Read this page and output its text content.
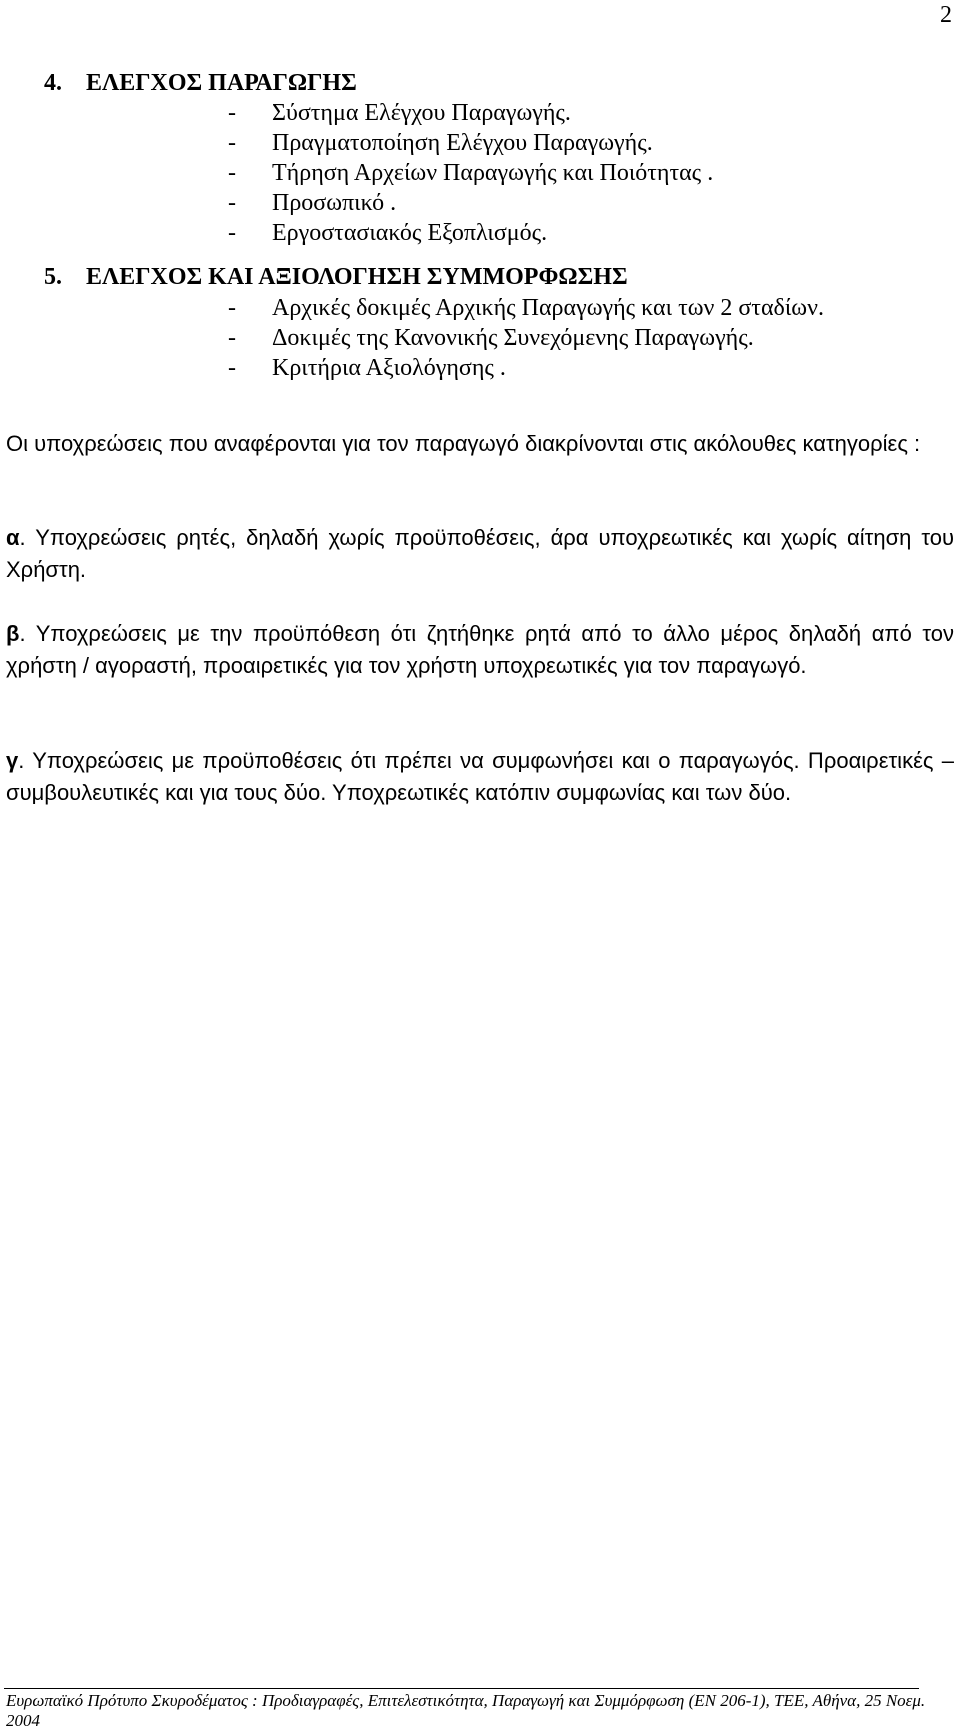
2
4. ΕΛΕΓΧΟΣ ΠΑΡΑΓΩΓΗΣ
- Σύστημα Ελέγχου Παραγωγής.
- Πραγματοποίηση Ελέγχου Παραγωγής.
- Τήρηση Αρχείων Παραγωγής και Ποιότητας .
- Προσωπικό .
- Εργοστασιακός Εξοπλισμός.
5. ΕΛΕΓΧΟΣ ΚΑΙ ΑΞΙΟΛΟΓΗΣΗ ΣΥΜΜΟΡΦΩΣΗΣ
- Αρχικές δοκιμές Αρχικής Παραγωγής και των 2 σταδίων.
- Δοκιμές της Κανονικής Συνεχόμενης Παραγωγής.
- Κριτήρια Αξιολόγησης .

Οι υποχρεώσεις που αναφέρονται για τον παραγωγό διακρίνονται στις ακόλουθες κατηγορίες :

α. Υποχρεώσεις ρητές, δηλαδή χωρίς προϋποθέσεις, άρα υποχρεωτικές και χωρίς αίτηση του Χρήστη.

β. Υποχρεώσεις με την προϋπόθεση ότι ζητήθηκε ρητά από το άλλο μέρος δηλαδή από τον χρήστη / αγοραστή, προαιρετικές για τον χρήστη υποχρεωτικές για τον παραγωγό.

γ. Υποχρεώσεις με προϋποθέσεις ότι πρέπει να συμφωνήσει και ο παραγωγός. Προαιρετικές – συμβουλευτικές και για τους δύο. Υποχρεωτικές κατόπιν συμφωνίας και των δύο.

Ευρωπαϊκό Πρότυπο Σκυροδέματος : Προδιαγραφές, Επιτελεστικότητα, Παραγωγή και Συμμόρφωση (ΕΝ 206-1), ΤΕΕ, Αθήνα, 25 Νοεμ. 2004
